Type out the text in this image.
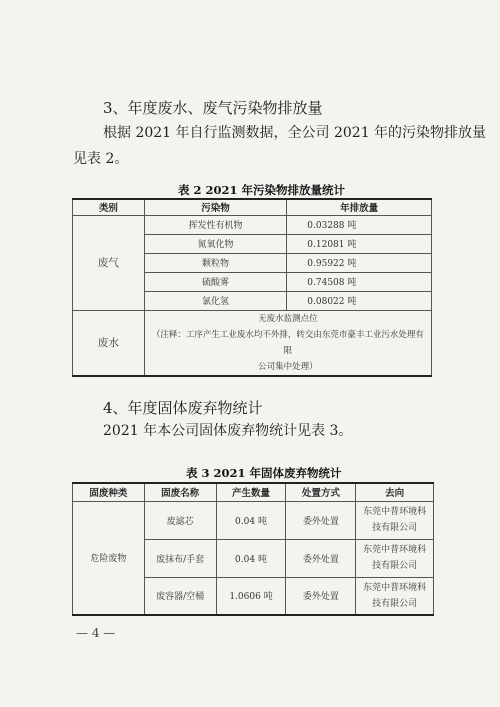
3、年度废水、废气污染物排放量
根据 2021 年自行监测数据，全公司 2021 年的污染物排放量
见表 2。
表 2 2021 年污染物排放量统计
类别	污染物	年排放量
废气	挥发性有机物	0.03288 吨
	氮氧化物	0.12081 吨
	颗粒物	0.95922 吨
	硫酸雾	0.74508 吨
	氯化氢	0.08022 吨
废水	无废水监测点位
（注释：工序产生工业废水均不外排，转交由东莞市豪丰工业污水处理有限
公司集中处理）	
4、年度固体废弃物统计
2021 年本公司固体废弃物统计见表 3。
表 3 2021 年固体废弃物统计
固废种类	固废名称	产生数量	处置方式	去向
危险废物	废滤芯	0.04 吨	委外处置	东莞中普环境科
技有限公司

	废抹布/手套	0.04 吨	委外处置	东莞中普环境科
技有限公司

	废容器/空桶	1.0606 吨	委外处置	东莞中普环境科
技有限公司
— 4 —
